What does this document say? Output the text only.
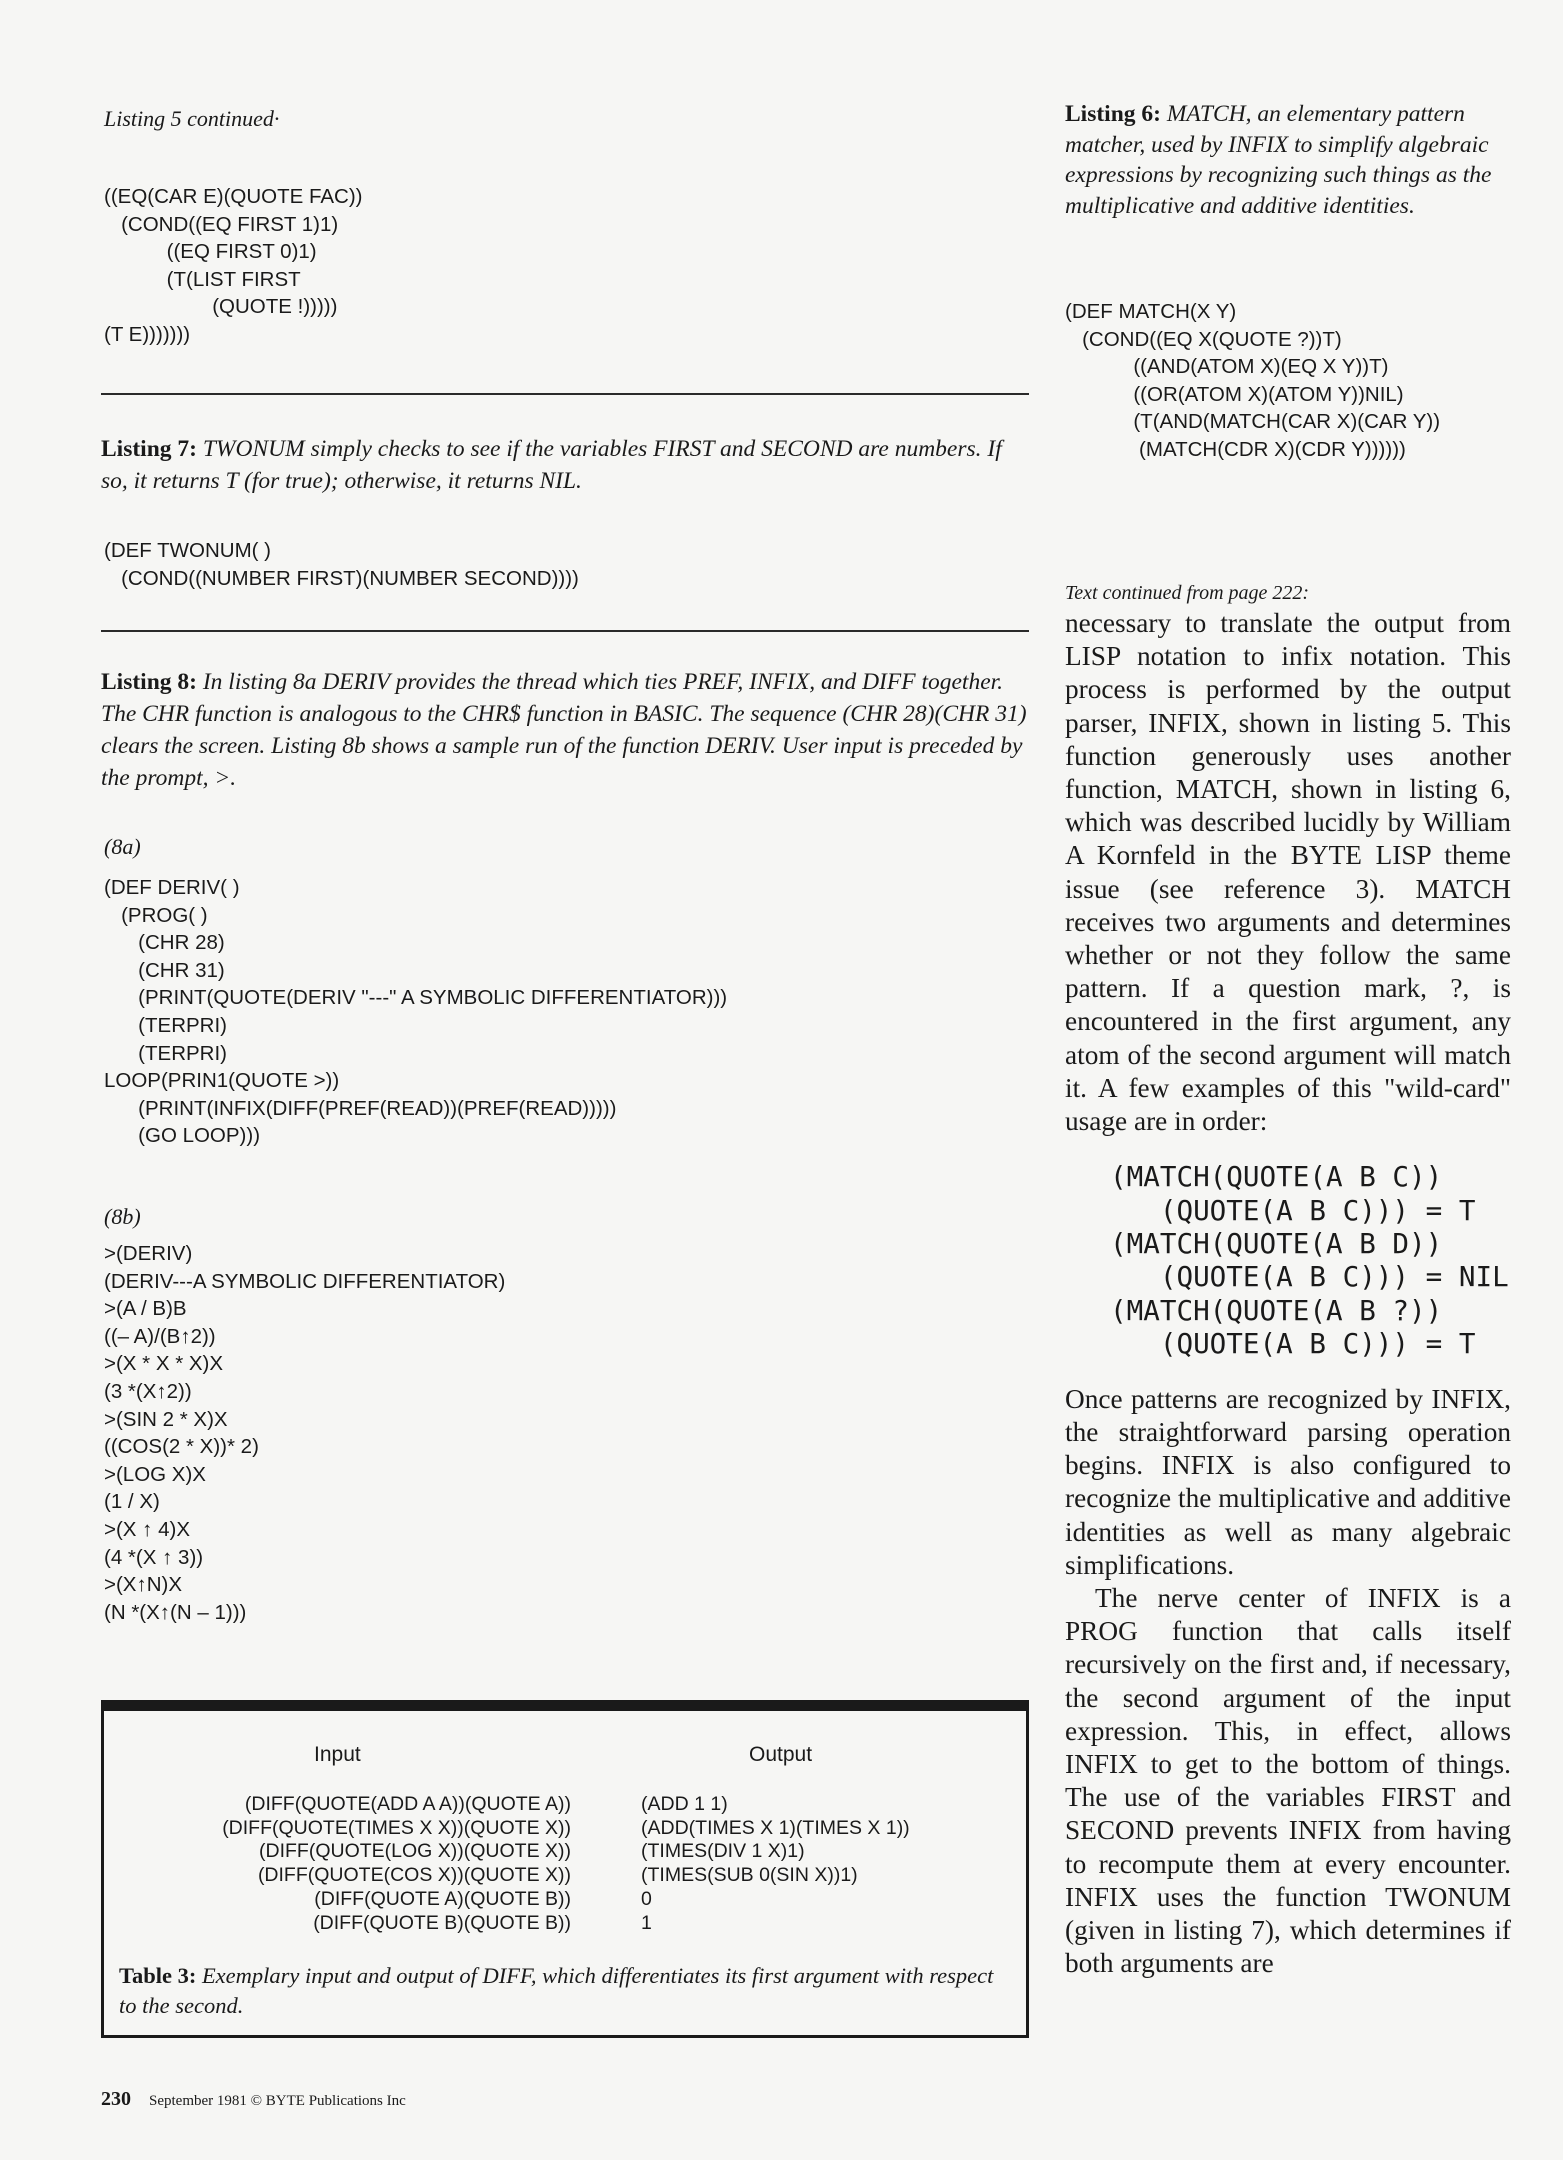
Listing 5 continued·
((EQ(CAR E)(QUOTE FAC))
(COND((EQ FIRST 1)1)
((EQ FIRST 0)1)
(T(LIST FIRST
(QUOTE !)))))
(T E)))))))
Listing 7: TWONUM simply checks to see if the variables FIRST and SECOND are numbers. If so, it returns T (for true); otherwise, it returns NIL.
(DEF TWONUM( )
(COND((NUMBER FIRST)(NUMBER SECOND))))
Listing 8: In listing 8a DERIV provides the thread which ties PREF, INFIX, and DIFF together. The CHR function is analogous to the CHR$ function in BASIC. The sequence (CHR 28)(CHR 31) clears the screen. Listing 8b shows a sample run of the function DERIV. User input is preceded by the prompt, >.
(8a)
(DEF DERIV( )
(PROG( )
(CHR 28)
(CHR 31)
(PRINT(QUOTE(DERIV "---" A SYMBOLIC DIFFERENTIATOR)))
(TERPRI)
(TERPRI)
LOOP(PRIN1(QUOTE >))
(PRINT(INFIX(DIFF(PREF(READ))(PREF(READ)))))
(GO LOOP)))
(8b)
>(DERIV)
(DERIV---A SYMBOLIC DIFFERENTIATOR)
>(A / B)B
((– A)/(B↑2))
>(X * X * X)X
(3 *(X↑2))
>(SIN 2 * X)X
((COS(2 * X))* 2)
>(LOG X)X
(1 / X)
>(X ↑ 4)X
(4 *(X ↑ 3))
>(X↑N)X
(N *(X↑(N – 1)))
Input	Output
(DIFF(QUOTE(ADD A A))(QUOTE A))
(DIFF(QUOTE(TIMES X X))(QUOTE X))
(DIFF(QUOTE(LOG X))(QUOTE X))
(DIFF(QUOTE(COS X))(QUOTE X))
(DIFF(QUOTE A)(QUOTE B))
(DIFF(QUOTE B)(QUOTE B))
(ADD 1 1)
(ADD(TIMES X 1)(TIMES X 1))
(TIMES(DIV 1 X)1)
(TIMES(SUB 0(SIN X))1)
0
1
Table 3: Exemplary input and output of DIFF, which differentiates its first argument with respect to the second.
Listing 6: MATCH, an elementary pattern matcher, used by INFIX to simplify algebraic expressions by recognizing such things as the multiplicative and additive identities.
(DEF MATCH(X Y)
(COND((EQ X(QUOTE ?))T)
((AND(ATOM X)(EQ X Y))T)
((OR(ATOM X)(ATOM Y))NIL)
(T(AND(MATCH(CAR X)(CAR Y))
(MATCH(CDR X)(CDR Y))))))
Text continued from page 222:

necessary to translate the output from LISP notation to infix notation. This process is performed by the output parser, INFIX, shown in listing 5. This function generously uses another function, MATCH, shown in listing 6, which was described lucidly by William A Kornfeld in the BYTE LISP theme issue (see reference 3). MATCH receives two arguments and determines whether or not they follow the same pattern. If a question mark, ?, is encountered in the first argument, any atom of the second argument will match it. A few examples of this "wild-card" usage are in order:

(MATCH(QUOTE(A B C))
(QUOTE(A B C))) = T
(MATCH(QUOTE(A B D))
(QUOTE(A B C))) = NIL
(MATCH(QUOTE(A B ?))
(QUOTE(A B C))) = T

Once patterns are recognized by INFIX, the straightforward parsing operation begins. INFIX is also configured to recognize the multiplicative and additive identities as well as many algebraic simplifications.

The nerve center of INFIX is a PROG function that calls itself recursively on the first and, if necessary, the second argument of the input expression. This, in effect, allows INFIX to get to the bottom of things. The use of the variables FIRST and SECOND prevents INFIX from having to recompute them at every encounter. INFIX uses the function TWONUM (given in listing 7), which determines if both arguments are

230 September 1981 © BYTE Publications Inc
